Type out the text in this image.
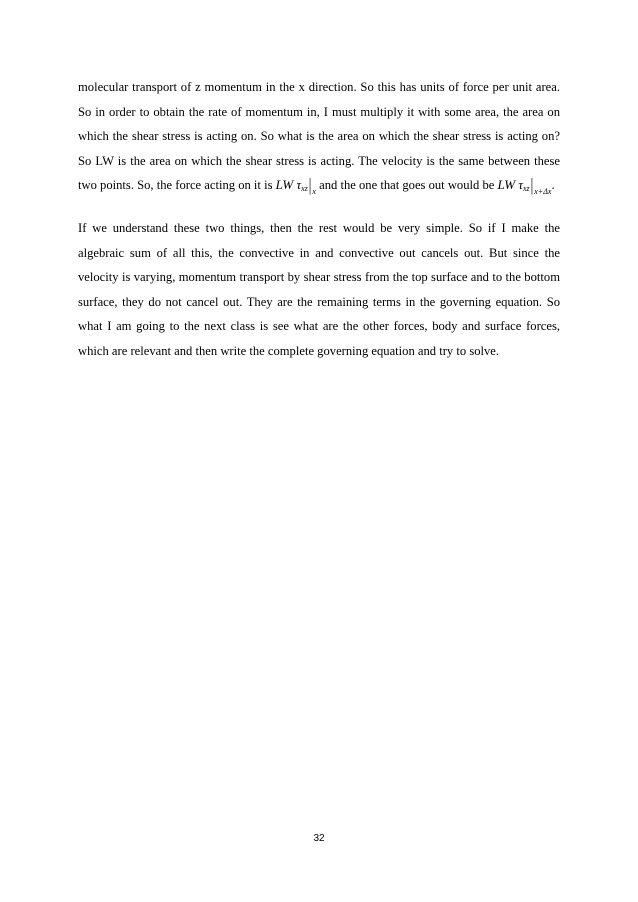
molecular transport of z momentum in the x direction. So this has units of force per unit area. So in order to obtain the rate of momentum in, I must multiply it with some area, the area on which the shear stress is acting on. So what is the area on which the shear stress is acting on? So LW is the area on which the shear stress is acting. The velocity is the same between these two points. So, the force acting on it is LW $\tau_{xz}|_x$ and the one that goes out would be LW $\tau_{xz}|_{x+\Delta x}$.

If we understand these two things, then the rest would be very simple. So if I make the algebraic sum of all this, the convective in and convective out cancels out. But since the velocity is varying, momentum transport by shear stress from the top surface and to the bottom surface, they do not cancel out. They are the remaining terms in the governing equation. So what I am going to the next class is see what are the other forces, body and surface forces, which are relevant and then write the complete governing equation and try to solve.

32
